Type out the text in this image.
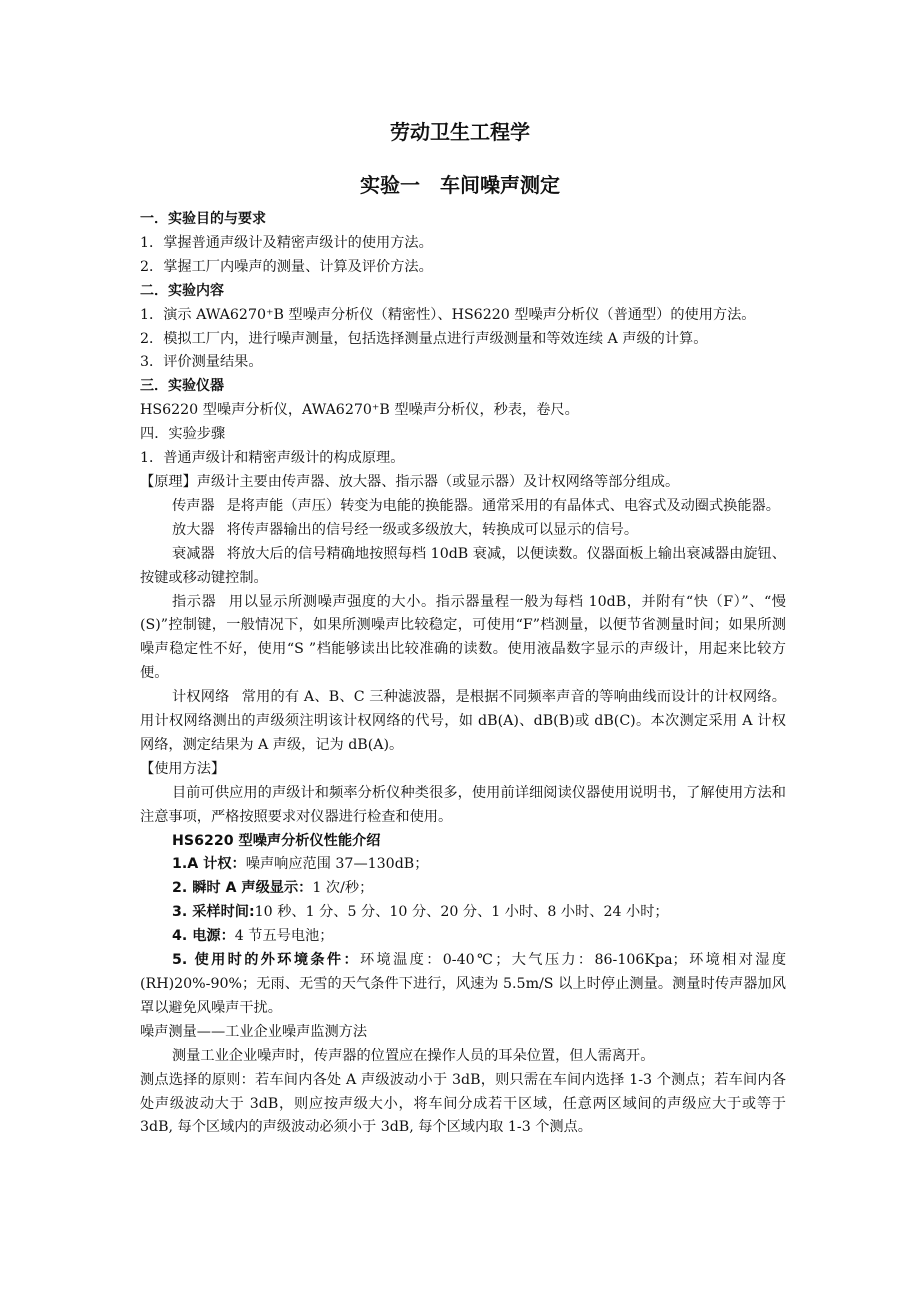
劳动卫生工程学
实验一　车间噪声测定

一．实验目的与要求

1．掌握普通声级计及精密声级计的使用方法。

2．掌握工厂内噪声的测量、计算及评价方法。

二．实验内容

1．演示 AWA6270⁺B 型噪声分析仪（精密性）、HS6220 型噪声分析仪（普通型）的使用方法。

2．模拟工厂内，进行噪声测量，包括选择测量点进行声级测量和等效连续 A 声级的计算。

3．评价测量结果。

三．实验仪器

HS6220 型噪声分析仪，AWA6270⁺B 型噪声分析仪，秒表，卷尺。

四．实验步骤

1．普通声级计和精密声级计的构成原理。

【原理】声级计主要由传声器、放大器、指示器（或显示器）及计权网络等部分组成。

传声器 是将声能（声压）转变为电能的换能器。通常采用的有晶体式、电容式及动圈式换能器。

放大器 将传声器输出的信号经一级或多级放大，转换成可以显示的信号。

衰减器 将放大后的信号精确地按照每档 10dB 衰减，以便读数。仪器面板上输出衰减器由旋钮、按键或移动键控制。

指示器 用以显示所测噪声强度的大小。指示器量程一般为每档 10dB，并附有“快（F）”、“慢(S)”控制键，一般情况下，如果所测噪声比较稳定，可使用“F”档测量，以便节省测量时间；如果所测噪声稳定性不好，使用“S ”档能够读出比较准确的读数。使用液晶数字显示的声级计，用起来比较方便。

计权网络 常用的有 A、B、C 三种滤波器，是根据不同频率声音的等响曲线而设计的计权网络。用计权网络测出的声级须注明该计权网络的代号，如 dB(A)、dB(B)或 dB(C)。本次测定采用 A 计权网络，测定结果为 A 声级，记为 dB(A)。

【使用方法】

目前可供应用的声级计和频率分析仪种类很多，使用前详细阅读仪器使用说明书，了解使用方法和注意事项，严格按照要求对仪器进行检查和使用。

HS6220 型噪声分析仪性能介绍

1.A 计权：噪声响应范围 37—130dB；

2. 瞬时 A 声级显示：1 次/秒；

3. 采样时间:10 秒、1 分、5 分、10 分、20 分、1 小时、8 小时、24 小时；

4. 电源：4 节五号电池；

5. 使用时的外环境条件：环境温度：0-40℃；大气压力：86-106Kpa；环境相对湿度(RH)20%-90%；无雨、无雪的天气条件下进行，风速为 5.5m/S 以上时停止测量。测量时传声器加风罩以避免风噪声干扰。

噪声测量——工业企业噪声监测方法

测量工业企业噪声时，传声器的位置应在操作人员的耳朵位置，但人需离开。

测点选择的原则：若车间内各处 A 声级波动小于 3dB，则只需在车间内选择 1-3 个测点；若车间内各处声级波动大于 3dB，则应按声级大小，将车间分成若干区域，任意两区域间的声级应大于或等于 3dB, 每个区域内的声级波动必须小于 3dB, 每个区域内取 1-3 个测点。
